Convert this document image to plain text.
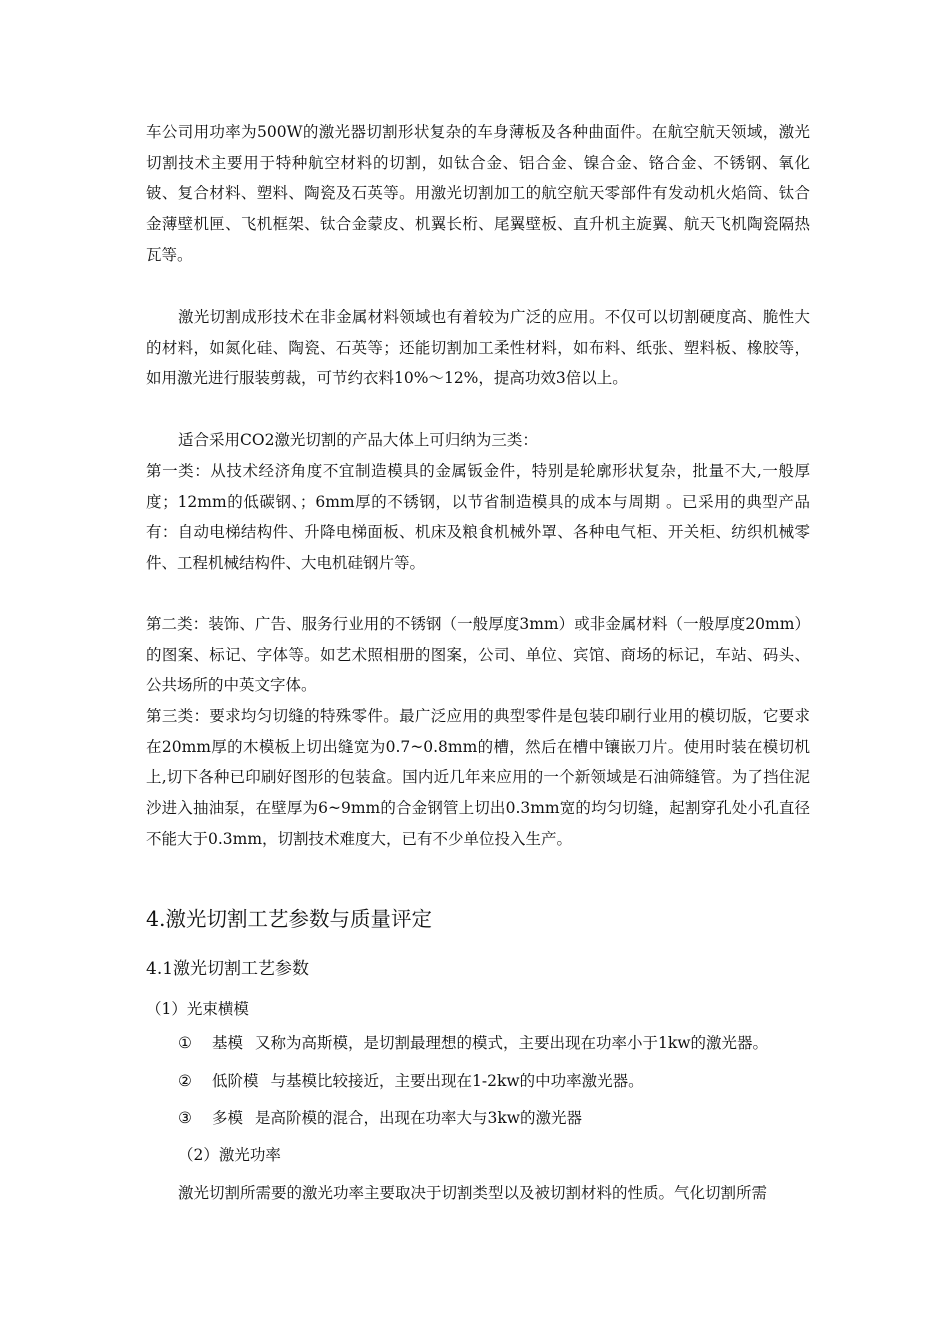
车公司用功率为500W的激光器切割形状复杂的车身薄板及各种曲面件。在航空航天领域，激光切割技术主要用于特种航空材料的切割，如钛合金、铝合金、镍合金、铬合金、不锈钢、氧化铍、复合材料、塑料、陶瓷及石英等。用激光切割加工的航空航天零部件有发动机火焰筒、钛合金薄壁机匣、飞机框架、钛合金蒙皮、机翼长桁、尾翼壁板、直升机主旋翼、航天飞机陶瓷隔热瓦等。

激光切割成形技术在非金属材料领域也有着较为广泛的应用。不仅可以切割硬度高、脆性大的材料，如氮化硅、陶瓷、石英等；还能切割加工柔性材料，如布料、纸张、塑料板、橡胶等，如用激光进行服装剪裁，可节约衣料10%～12%，提高功效3倍以上。

适合采用CO2激光切割的产品大体上可归纳为三类：

第一类：从技术经济角度不宜制造模具的金属钣金件，特别是轮廓形状复杂，批量不大,一般厚度；12mm的低碳钢、；6mm厚的不锈钢，以节省制造模具的成本与周期 。已采用的典型产品有：自动电梯结构件、升降电梯面板、机床及粮食机械外罩、各种电气柜、开关柜、纺织机械零件、工程机械结构件、大电机硅钢片等。

第二类：装饰、广告、服务行业用的不锈钢（一般厚度3mm）或非金属材料（一般厚度20mm）的图案、标记、字体等。如艺术照相册的图案，公司、单位、宾馆、商场的标记，车站、码头、公共场所的中英文字体。

第三类：要求均匀切缝的特殊零件。最广泛应用的典型零件是包装印刷行业用的模切版，它要求在20mm厚的木模板上切出缝宽为0.7~0.8mm的槽，然后在槽中镶嵌刀片。使用时装在模切机上,切下各种已印刷好图形的包装盒。国内近几年来应用的一个新领域是石油筛缝管。为了挡住泥沙进入抽油泵，在壁厚为6~9mm的合金钢管上切出0.3mm宽的均匀切缝，起割穿孔处小孔直径不能大于0.3mm，切割技术难度大，已有不少单位投入生产。

4.激光切割工艺参数与质量评定
4.1激光切割工艺参数

（1）光束横模

① 基模 又称为高斯模，是切割最理想的模式，主要出现在功率小于1kw的激光器。

② 低阶模 与基模比较接近，主要出现在1-2kw的中功率激光器。

③ 多模 是高阶模的混合，出现在功率大与3kw的激光器

（2）激光功率

激光切割所需要的激光功率主要取决于切割类型以及被切割材料的性质。气化切割所需
